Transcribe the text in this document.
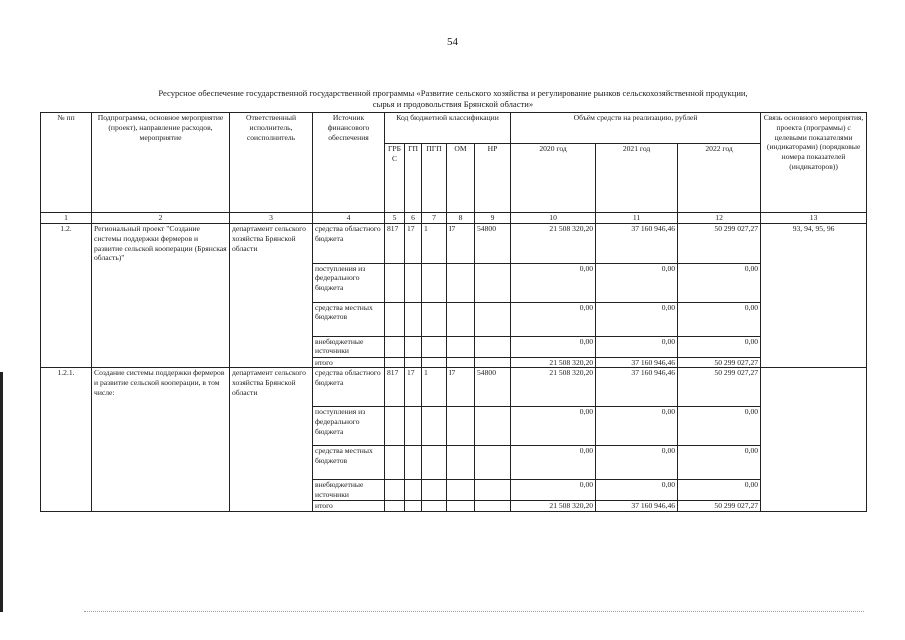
54
Ресурсное обеспечение государственной государственной программы «Развитие сельского хозяйства и регулирование рынков сельскохозяйственной продукции,
сырья и продовольствия Брянской области»
№ пп	Подпрограмма, основное мероприятие (проект), направление расходов, мероприятие	Ответственный исполнитель, соисполнитель	Источник финансового обеспечения	Код бюджетной классификации					Объём средств на реализацию, рублей			Связь основного мероприятия, проекта (программы) с целевыми показателями (индикаторами) (порядковые номера показателей (индикаторов))
				ГРБ С	ГП	ПГП	ОМ	НР	2020 год	2021 год	2022 год	
1	2	3	4	5	6	7	8	9	10	11	12	13
1.2.	Региональный проект "Создание системы поддержки фермеров и развитие сельской кооперации (Брянская область)"	департамент сельского хозяйства Брянской области	средства областного бюджета	817	17	1	I7	54800	21 508 320,20	37 160 946,46	50 299 027,27	93, 94, 95, 96
			поступления из федерального бюджета						0,00	0,00	0,00	
			средства местных бюджетов						0,00	0,00	0,00	
			внебюджетные источники						0,00	0,00	0,00	
			итого						21 508 320,20	37 160 946,46	50 299 027,27	
1.2.1.	Создание системы поддержки фермеров и развитие сельской кооперации, в том числе:	департамент сельского хозяйства Брянской области	средства областного бюджета	817	17	1	I7	54800	21 508 320,20	37 160 946,46	50 299 027,27	
			поступления из федерального бюджета						0,00	0,00	0,00	
			средства местных бюджетов						0,00	0,00	0,00	
			внебюджетные источники						0,00	0,00	0,00	
			итого						21 508 320,20	37 160 946,46	50 299 027,27	
